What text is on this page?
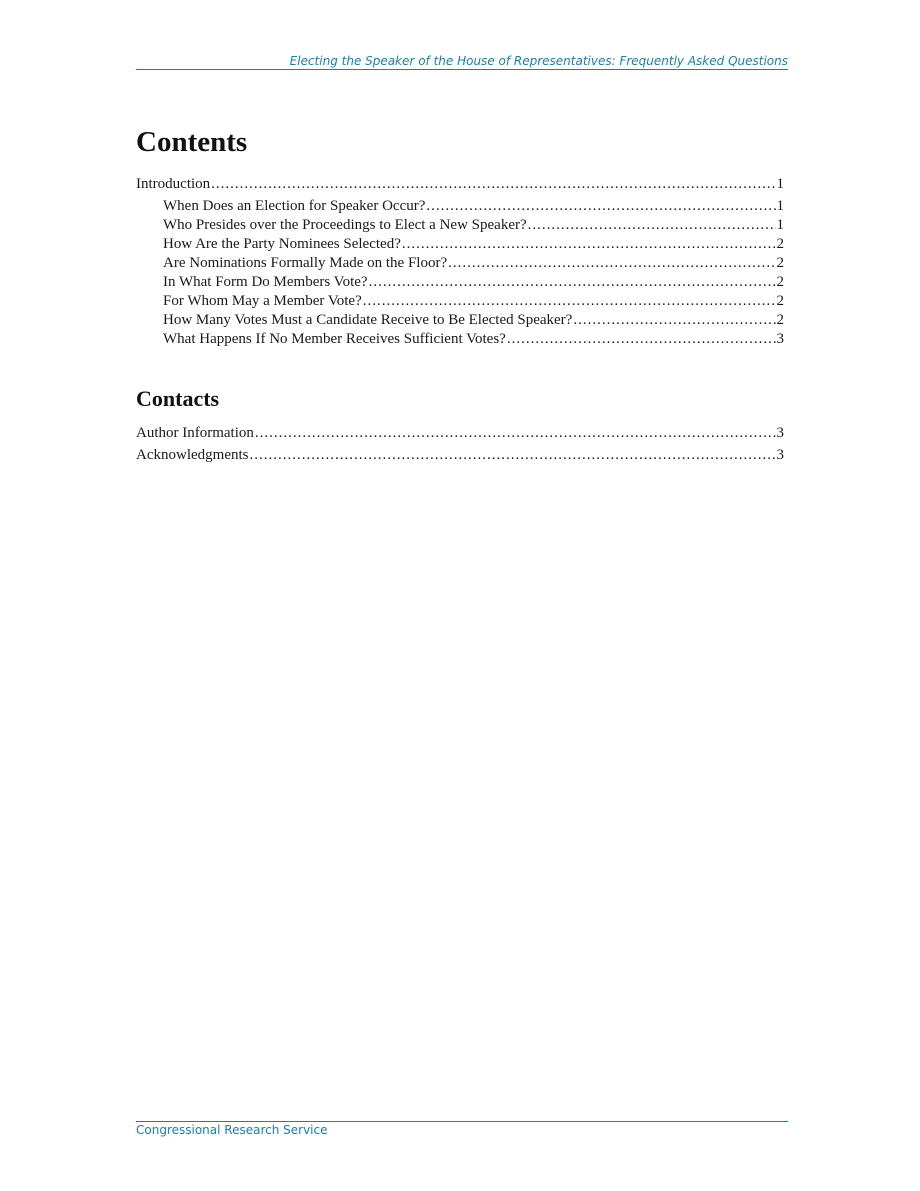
Electing the Speaker of the House of Representatives: Frequently Asked Questions
Contents
Introduction .....	1
When Does an Election for Speaker Occur? .....	1
Who Presides over the Proceedings to Elect a New Speaker? .....	1
How Are the Party Nominees Selected? .....	2
Are Nominations Formally Made on the Floor? .....	2
In What Form Do Members Vote? .....	2
For Whom May a Member Vote? .....	2
How Many Votes Must a Candidate Receive to Be Elected Speaker? .....	2
What Happens If No Member Receives Sufficient Votes? .....	3
Contacts
Author Information .....	3
Acknowledgments .....	3
Congressional Research Service
